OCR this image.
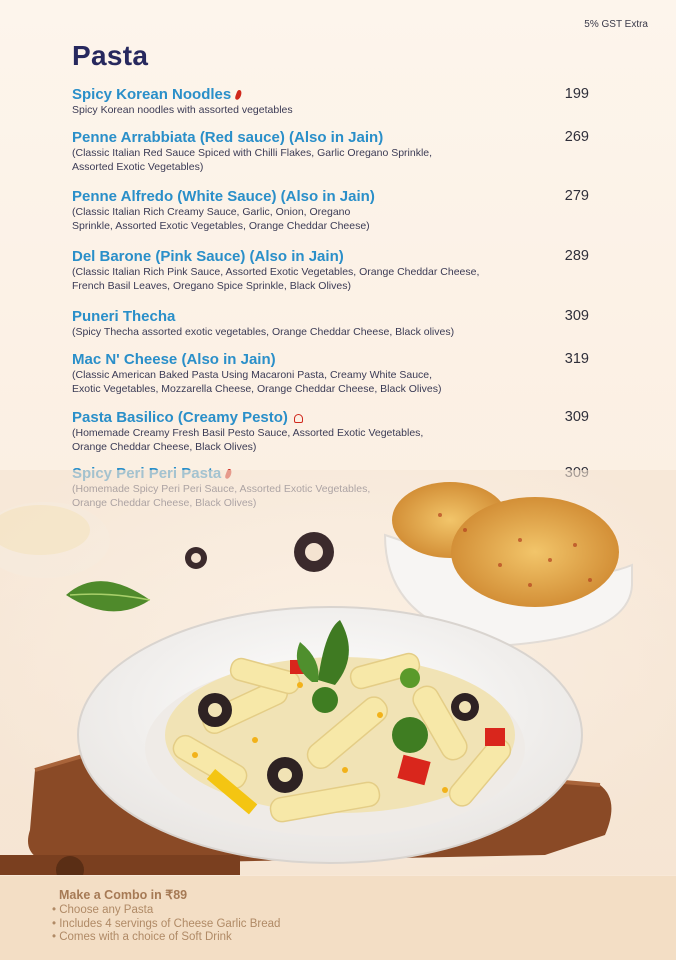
5% GST Extra
Pasta
Spicy Korean Noodles	199
Spicy Korean noodles with assorted vegetables
Penne Arrabbiata (Red sauce) (Also in Jain)	269
(Classic Italian Red Sauce Spiced with Chilli Flakes, Garlic Oregano Sprinkle,
Assorted Exotic Vegetables)
Penne Alfredo (White Sauce) (Also in Jain)	279
(Classic Italian Rich Creamy Sauce, Garlic, Onion, Oregano
Sprinkle, Assorted Exotic Vegetables, Orange Cheddar Cheese)
Del Barone (Pink Sauce) (Also in Jain)	289
(Classic Italian Rich Pink Sauce, Assorted Exotic Vegetables, Orange Cheddar Cheese,
French Basil Leaves, Oregano Spice Sprinkle, Black Olives)
Puneri Thecha	309
(Spicy Thecha assorted exotic vegetables, Orange Cheddar Cheese, Black olives)
Mac N' Cheese (Also in Jain)	319
(Classic American Baked Pasta Using Macaroni Pasta, Creamy White Sauce,
Exotic Vegetables, Mozzarella Cheese, Orange Cheddar Cheese, Black Olives)
Pasta Basilico (Creamy Pesto)	309
(Homemade Creamy Fresh Basil Pesto Sauce, Assorted Exotic Vegetables,
Orange Cheddar Cheese, Black Olives)
Make a Combo in ₹89
• Choose any Pasta
• Includes 4 servings of Cheese Garlic Bread
• Comes with a choice of Soft Drink
